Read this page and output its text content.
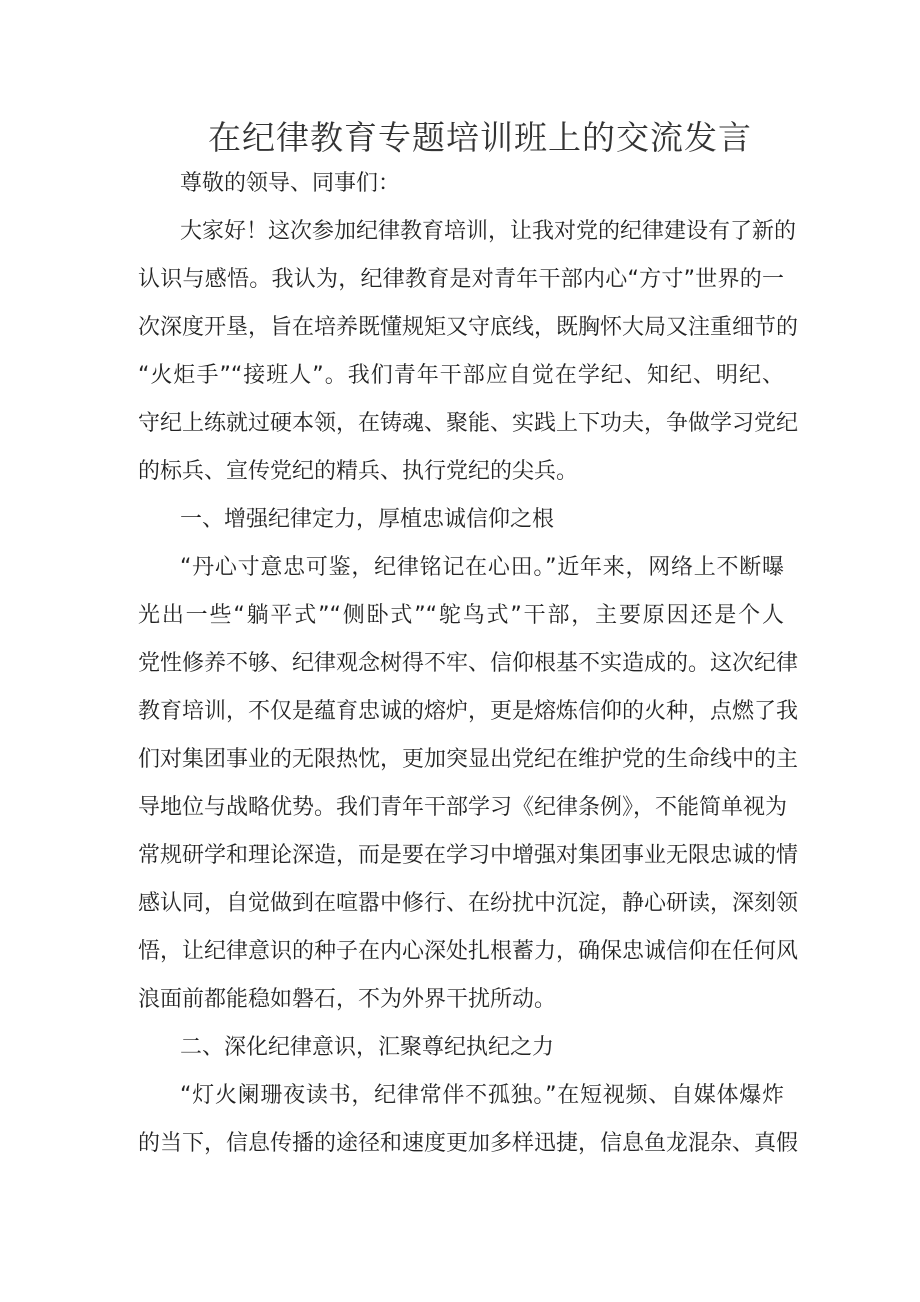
在纪律教育专题培训班上的交流发言
尊敬的领导、同事们：
大家好！这次参加纪律教育培训，让我对党的纪律建设有了新的
认识与感悟。我认为，纪律教育是对青年干部内心“方寸”世界的一
次深度开垦，旨在培养既懂规矩又守底线，既胸怀大局又注重细节的
“火炬手”“接班人”。我们青年干部应自觉在学纪、知纪、明纪、
守纪上练就过硬本领，在铸魂、聚能、实践上下功夫，争做学习党纪
的标兵、宣传党纪的精兵、执行党纪的尖兵。
一、增强纪律定力，厚植忠诚信仰之根
“丹心寸意忠可鉴，纪律铭记在心田。”近年来，网络上不断曝
光出一些“躺平式”“侧卧式”“鸵鸟式”干部，主要原因还是个人
党性修养不够、纪律观念树得不牢、信仰根基不实造成的。这次纪律
教育培训，不仅是蕴育忠诚的熔炉，更是熔炼信仰的火种，点燃了我
们对集团事业的无限热忱，更加突显出党纪在维护党的生命线中的主
导地位与战略优势。我们青年干部学习《纪律条例》，不能简单视为
常规研学和理论深造，而是要在学习中增强对集团事业无限忠诚的情
感认同，自觉做到在喧嚣中修行、在纷扰中沉淀，静心研读，深刻领
悟，让纪律意识的种子在内心深处扎根蓄力，确保忠诚信仰在任何风
浪面前都能稳如磐石，不为外界干扰所动。
二、深化纪律意识，汇聚尊纪执纪之力
“灯火阑珊夜读书，纪律常伴不孤独。”在短视频、自媒体爆炸
的当下，信息传播的途径和速度更加多样迅捷，信息鱼龙混杂、真假
